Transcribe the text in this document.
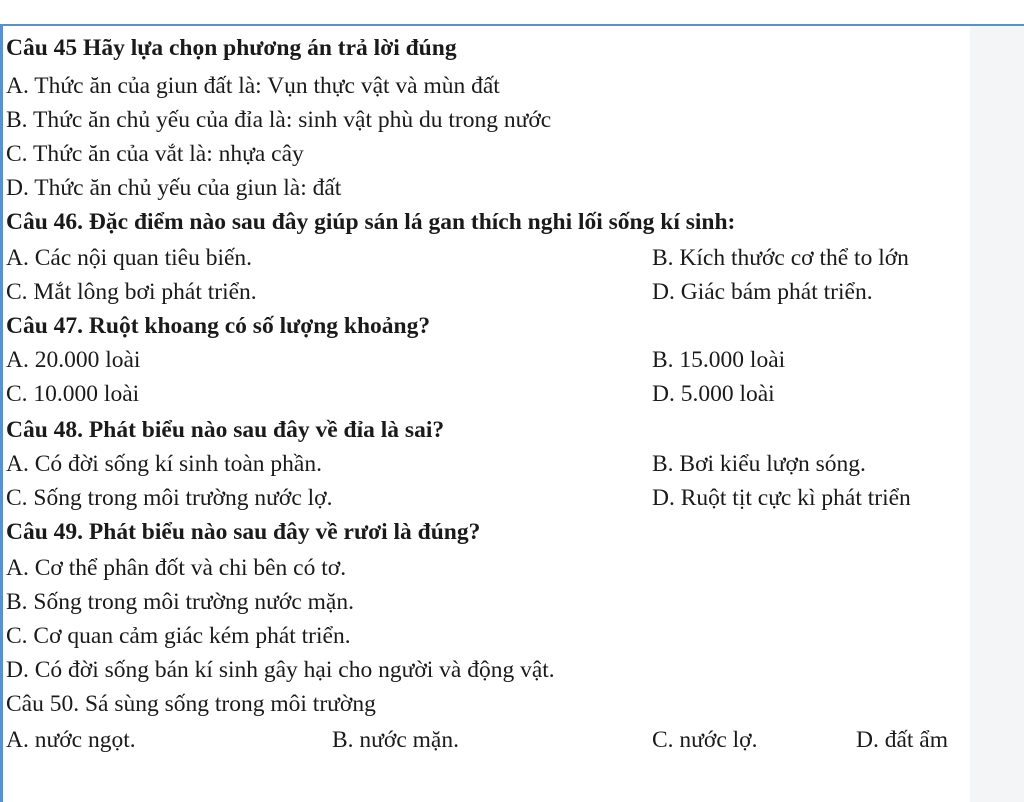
Câu 45 Hãy lựa chọn phương án trả lời đúng
A. Thức ăn của giun đất là: Vụn thực vật và mùn đất
B. Thức ăn chủ yếu của đỉa là: sinh vật phù du trong nước
C. Thức ăn của vắt là: nhựa cây
D. Thức ăn chủ yếu của giun là: đất
Câu 46. Đặc điểm nào sau đây giúp sán lá gan thích nghi lối sống kí sinh:
A. Các nội quan tiêu biến.	B. Kích thước cơ thể to lớn
C. Mắt lông bơi phát triển.	D. Giác bám phát triển.
Câu 47. Ruột khoang có số lượng khoảng?
A. 20.000 loài	B. 15.000 loài
C. 10.000 loài	D. 5.000 loài
Câu 48. Phát biểu nào sau đây về đỉa là sai?
A. Có đời sống kí sinh toàn phần.	B. Bơi kiểu lượn sóng.
C. Sống trong môi trường nước lợ.	D. Ruột tịt cực kì phát triển
Câu 49. Phát biểu nào sau đây về rươi là đúng?
A. Cơ thể phân đốt và chi bên có tơ.
B. Sống trong môi trường nước mặn.
C. Cơ quan cảm giác kém phát triển.
D. Có đời sống bán kí sinh gây hại cho người và động vật.
Câu 50. Sá sùng sống trong môi trường
A. nước ngọt.	B. nước mặn.	C. nước lợ.	D. đất ẩm
